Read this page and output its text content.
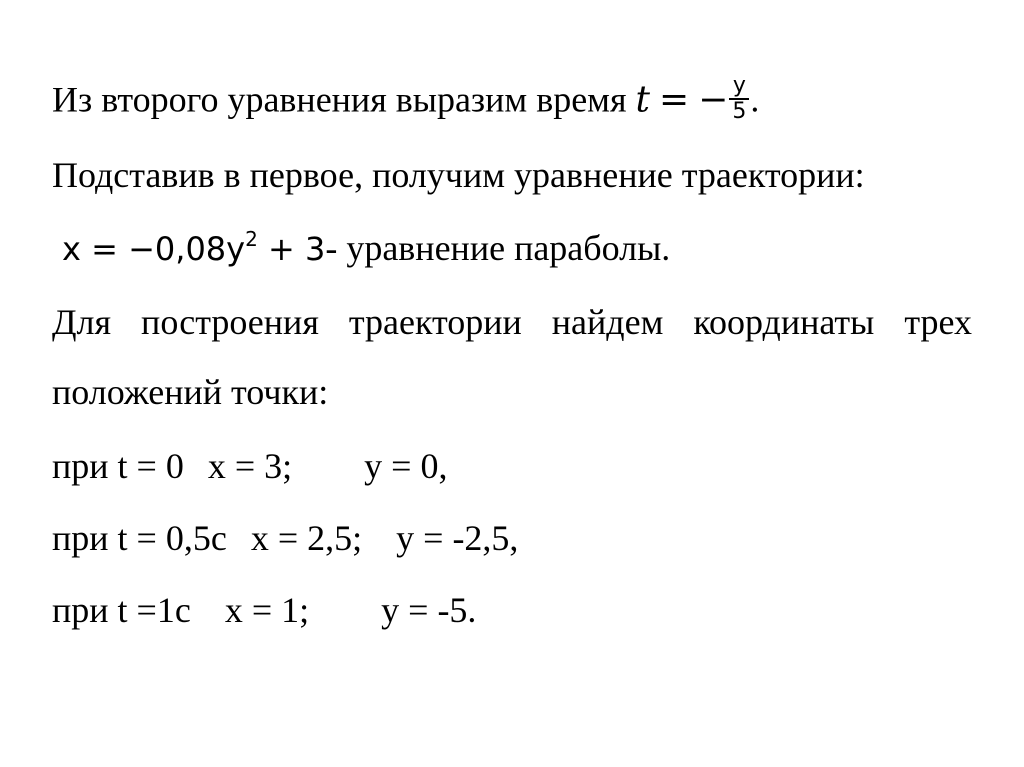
Из второго уравнения выразим время t = − $\frac{y}{5}$ .
Подставив в первое, получим уравнение траектории:
$x = -0,08y^2 + 3-$ уравнение параболы.
Для построения траектории найдем координаты трех
положений точки:
при t = 0 x = 3; y = 0,
при t = 0,5с x = 2,5; y = -2,5,
при t =1с x = 1; y = -5.
